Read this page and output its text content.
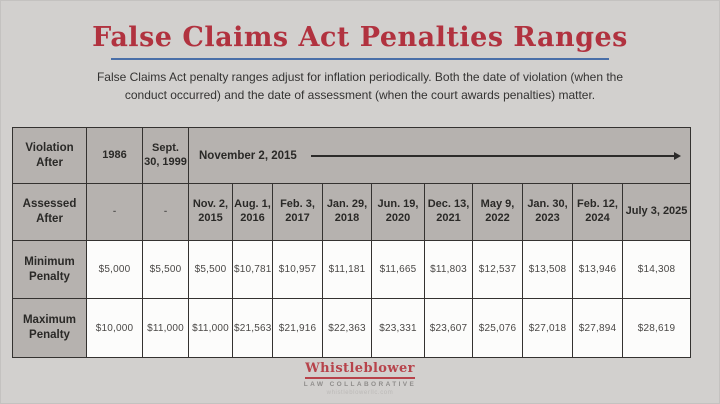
False Claims Act Penalties Ranges
False Claims Act penalty ranges adjust for inflation periodically. Both the date of violation (when the conduct occurred) and the date of assessment (when the court awards penalties) matter.
Violation After	1986	Sept. 30, 1999	November 2, 2015									

Assessed After	-	-	Nov. 2, 2015	Aug. 1, 2016	Feb. 3, 2017	Jan. 29, 2018	Jun. 19, 2020	Dec. 13, 2021	May 9, 2022	Jan. 30, 2023	Feb. 12, 2024	July 3, 2025
Minimum Penalty	$5,000	$5,500	$5,500	$10,781	$10,957	$11,181	$11,665	$11,803	$12,537	$13,508	$13,946	$14,308
Maximum Penalty	$10,000	$11,000	$11,000	$21,563	$21,916	$22,363	$23,331	$23,607	$25,076	$27,018	$27,894	$28,619
Whistleblower
LAW COLLABORATIVE
whistleblowerllc.com
